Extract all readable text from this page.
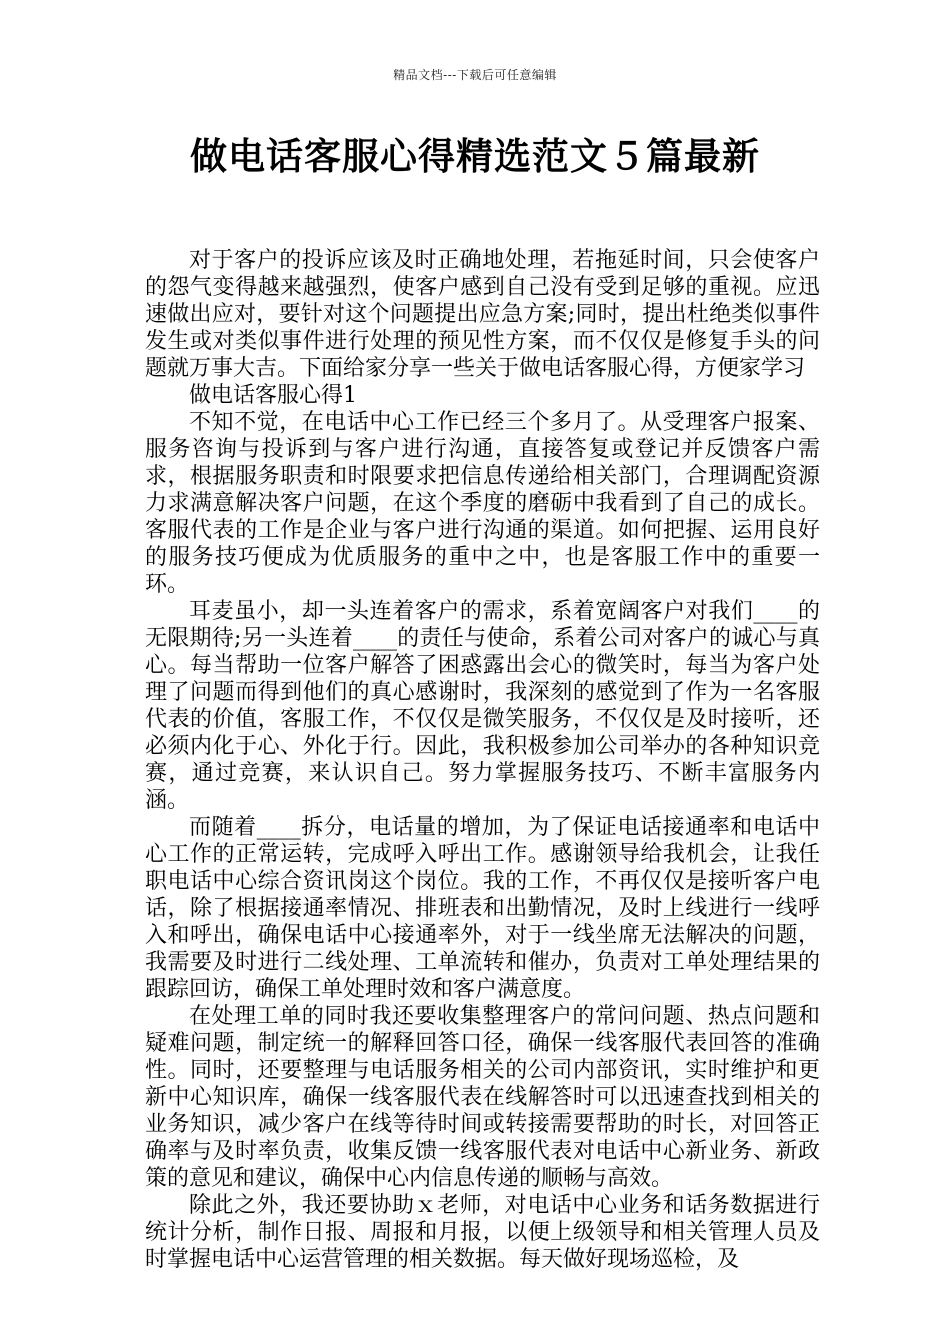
精品文档---下载后可任意编辑
做电话客服心得精选范文５篇最新

对于客户的投诉应该及时正确地处理，若拖延时间，只会使客户的怨气变得越来越强烈，使客户感到自己没有受到足够的重视。应迅速做出应对，要针对这个问题提出应急方案;同时，提出杜绝类似事件发生或对类似事件进行处理的预见性方案，而不仅仅是修复手头的问题就万事大吉。下面给家分享一些关于做电话客服心得，方便家学习

做电话客服心得1

不知不觉，在电话中心工作已经三个多月了。从受理客户报案、服务咨询与投诉到与客户进行沟通，直接答复或登记并反馈客户需求，根据服务职责和时限要求把信息传递给相关部门，合理调配资源力求满意解决客户问题，在这个季度的磨砺中我看到了自己的成长。客服代表的工作是企业与客户进行沟通的渠道。如何把握、运用良好的服务技巧便成为优质服务的重中之中，也是客服工作中的重要一环。

耳麦虽小，却一头连着客户的需求，系着宽阔客户对我们____的无限期待;另一头连着____的责任与使命，系着公司对客户的诚心与真心。每当帮助一位客户解答了困惑露出会心的微笑时，每当为客户处理了问题而得到他们的真心感谢时，我深刻的感觉到了作为一名客服代表的价值，客服工作，不仅仅是微笑服务，不仅仅是及时接听，还必须内化于心、外化于行。因此，我积极参加公司举办的各种知识竞赛，通过竞赛，来认识自己。努力掌握服务技巧、不断丰富服务内涵。

而随着____拆分，电话量的增加，为了保证电话接通率和电话中心工作的正常运转，完成呼入呼出工作。感谢领导给我机会，让我任职电话中心综合资讯岗这个岗位。我的工作，不再仅仅是接听客户电话，除了根据接通率情况、排班表和出勤情况，及时上线进行一线呼入和呼出，确保电话中心接通率外，对于一线坐席无法解决的问题，我需要及时进行二线处理、工单流转和催办，负责对工单处理结果的跟踪回访，确保工单处理时效和客户满意度。

在处理工单的同时我还要收集整理客户的常问问题、热点问题和疑难问题，制定统一的解释回答口径，确保一线客服代表回答的准确性。同时，还要整理与电话服务相关的公司内部资讯，实时维护和更新中心知识库，确保一线客服代表在线解答时可以迅速查找到相关的业务知识，减少客户在线等待时间或转接需要帮助的时长，对回答正确率与及时率负责，收集反馈一线客服代表对电话中心新业务、新政策的意见和建议，确保中心内信息传递的顺畅与高效。

除此之外，我还要协助ｘ老师，对电话中心业务和话务数据进行统计分析，制作日报、周报和月报，以便上级领导和相关管理人员及时掌握电话中心运营管理的相关数据。每天做好现场巡检，及
